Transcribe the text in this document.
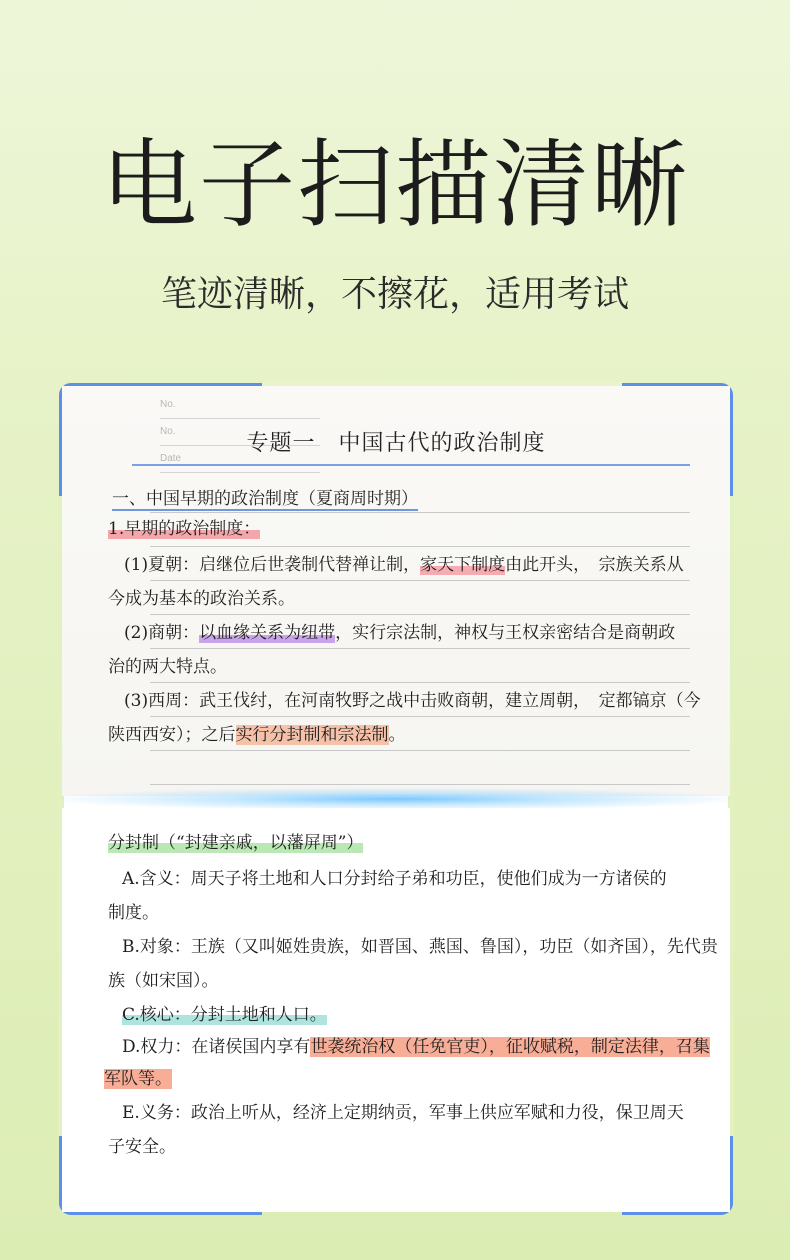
电子扫描清晰
笔迹清晰，不擦花，适用考试
No.
No.
Date
专题一　中国古代的政治制度
一、中国早期的政治制度（夏商周时期）
1.早期的政治制度：
(1)夏朝：启继位后世袭制代替禅让制，家天下制度由此开头，　宗族关系从
今成为基本的政治关系。
(2)商朝：以血缘关系为纽带，实行宗法制，神权与王权亲密结合是商朝政
治的两大特点。
(3)西周：武王伐纣，在河南牧野之战中击败商朝，建立周朝，　定都镐京（今
陕西西安）；之后实行分封制和宗法制。
分封制（“封建亲戚，以藩屏周”）
A.含义：周天子将土地和人口分封给子弟和功臣，使他们成为一方诸侯的
制度。
B.对象：王族（又叫姬姓贵族，如晋国、燕国、鲁国），功臣（如齐国），先代贵
族（如宋国）。
C.核心：分封土地和人口。
D.权力：在诸侯国内享有世袭统治权（任免官吏），征收赋税，制定法律，召集
军队等。
E.义务：政治上听从，经济上定期纳贡，军事上供应军赋和力役，保卫周天
子安全。
